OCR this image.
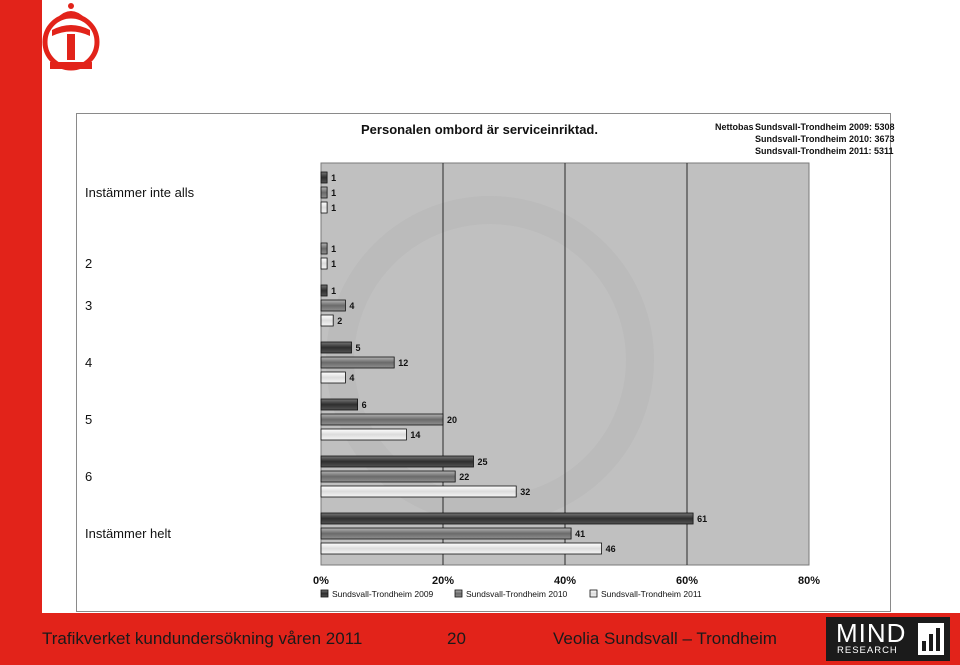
0%	20%	40%	60%	80%
Instämmer inte alls
1
1
1
2
1
1
3
1
4
2
4
5
12
4
5
6
20
14
6
25
22
32
Instämmer helt
61
41
46
Sundsvall-Trondheim 2009	Sundsvall-Trondheim 2010	Sundsvall-Trondheim 2011
Personalen ombord är serviceinriktad.	Nettobas Sundsvall-Trondheim 2009: 5308
Sundsvall-Trondheim 2010: 3673
Sundsvall-Trondheim 2011: 5311
Trafikverket kundundersökning våren 2011	20	Veolia Sundsvall – Trondheim MIND
RESEARCH
